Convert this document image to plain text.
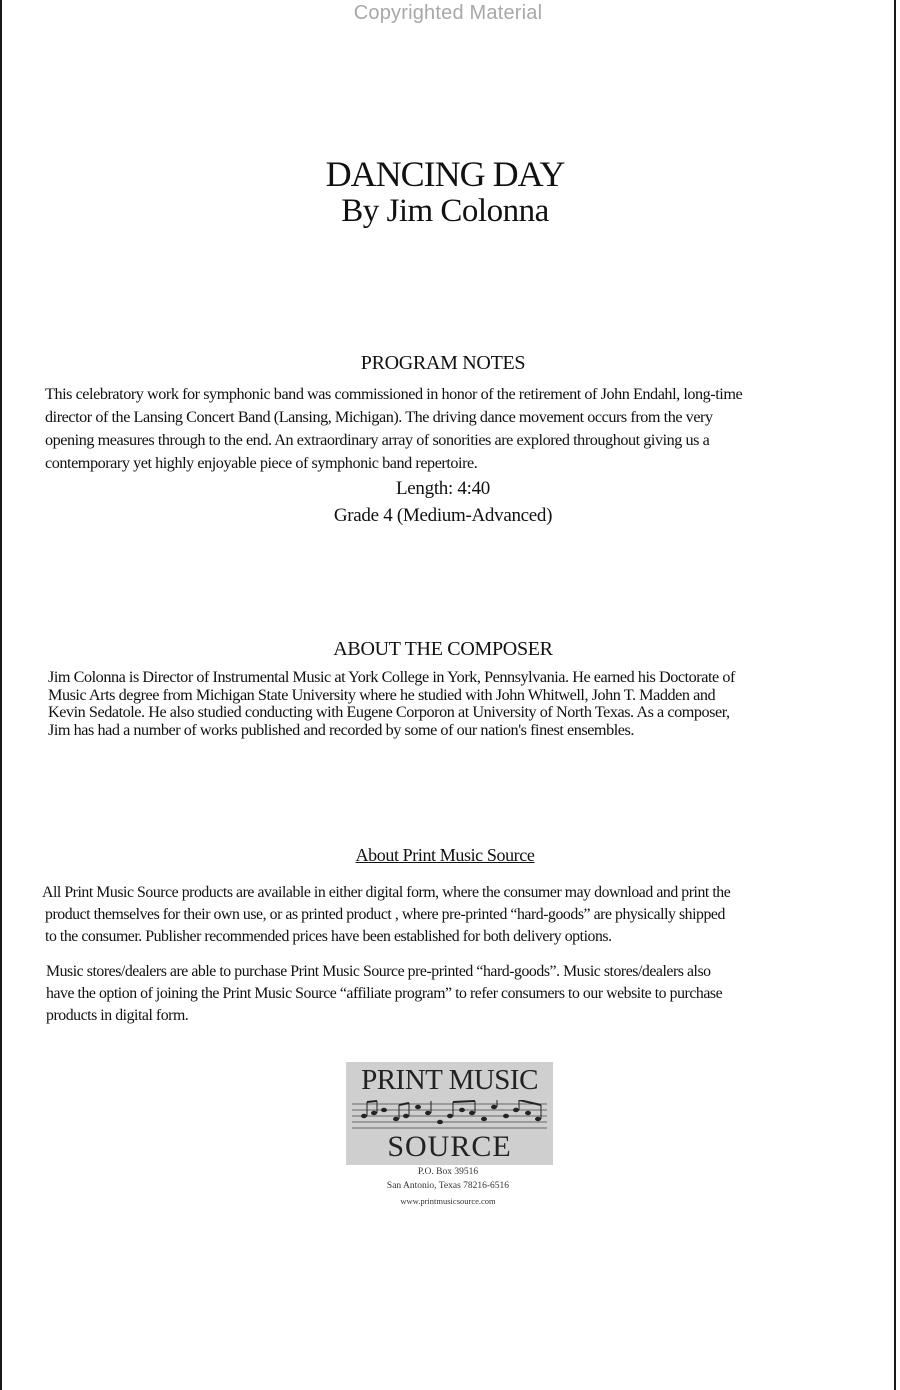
Copyrighted Material
DANCING DAY
By Jim Colonna
PROGRAM NOTES
This celebratory work for symphonic band was commissioned in honor of the retirement of John Endahl, long-time
director of the Lansing Concert Band (Lansing, Michigan). The driving dance movement occurs from the very
opening measures through to the end. An extraordinary array of sonorities are explored throughout giving us a
contemporary yet highly enjoyable piece of symphonic band repertoire.
Length: 4:40
Grade 4 (Medium-Advanced)
ABOUT THE COMPOSER
Jim Colonna is Director of Instrumental Music at York College in York, Pennsylvania. He earned his Doctorate of
Music Arts degree from Michigan State University where he studied with John Whitwell, John T. Madden and
Kevin Sedatole. He also studied conducting with Eugene Corporon at University of North Texas. As a composer,
Jim has had a number of works published and recorded by some of our nation's finest ensembles.
About Print Music Source
All Print Music Source products are available in either digital form, where the consumer may download and print the
product themselves for their own use, or as printed product , where pre-printed “hard-goods” are physically shipped
to the consumer. Publisher recommended prices have been established for both delivery options.
Music stores/dealers are able to purchase Print Music Source pre-printed “hard-goods”. Music stores/dealers also
have the option of joining the Print Music Source “affiliate program” to refer consumers to our website to purchase
products in digital form.
PRINT MUSIC
SOURCE
P.O. Box 39516
San Antonio, Texas 78216-6516
www.printmusicsource.com
